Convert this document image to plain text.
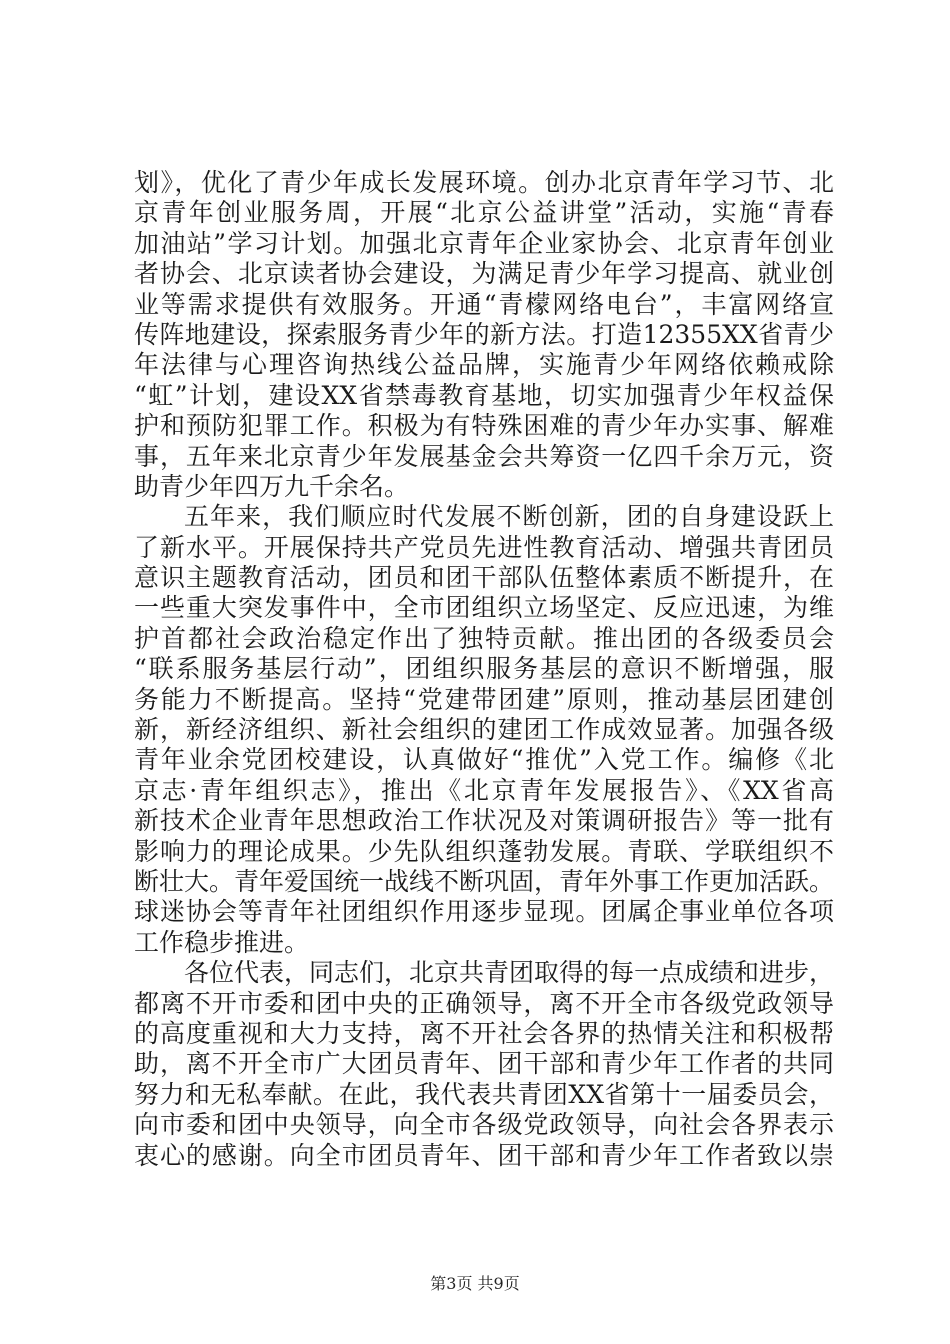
划》，优化了青少年成长发展环境。创办北京青年学习节、北
京青年创业服务周，开展“北京公益讲堂”活动，实施“青春
加油站”学习计划。加强北京青年企业家协会、北京青年创业
者协会、北京读者协会建设，为满足青少年学习提高、就业创
业等需求提供有效服务。开通“青檬网络电台”，丰富网络宣
传阵地建设，探索服务青少年的新方法。打造12355XX省青少
年法律与心理咨询热线公益品牌，实施青少年网络依赖戒除
“虹”计划，建设XX省禁毒教育基地，切实加强青少年权益保
护和预防犯罪工作。积极为有特殊困难的青少年办实事、解难
事，五年来北京青少年发展基金会共筹资一亿四千余万元，资
助青少年四万九千余名。
五年来，我们顺应时代发展不断创新，团的自身建设跃上
了新水平。开展保持共产党员先进性教育活动、增强共青团员
意识主题教育活动，团员和团干部队伍整体素质不断提升，在
一些重大突发事件中，全市团组织立场坚定、反应迅速，为维
护首都社会政治稳定作出了独特贡献。推出团的各级委员会
“联系服务基层行动”，团组织服务基层的意识不断增强，服
务能力不断提高。坚持“党建带团建”原则，推动基层团建创
新，新经济组织、新社会组织的建团工作成效显著。加强各级
青年业余党团校建设，认真做好“推优”入党工作。编修《北
京志·青年组织志》，推出《北京青年发展报告》、《XX省高
新技术企业青年思想政治工作状况及对策调研报告》等一批有
影响力的理论成果。少先队组织蓬勃发展。青联、学联组织不
断壮大。青年爱国统一战线不断巩固，青年外事工作更加活跃。
球迷协会等青年社团组织作用逐步显现。团属企事业单位各项
工作稳步推进。
各位代表，同志们，北京共青团取得的每一点成绩和进步，
都离不开市委和团中央的正确领导，离不开全市各级党政领导
的高度重视和大力支持，离不开社会各界的热情关注和积极帮
助，离不开全市广大团员青年、团干部和青少年工作者的共同
努力和无私奉献。在此，我代表共青团XX省第十一届委员会，
向市委和团中央领导，向全市各级党政领导，向社会各界表示
衷心的感谢。向全市团员青年、团干部和青少年工作者致以崇
第3页 共9页
